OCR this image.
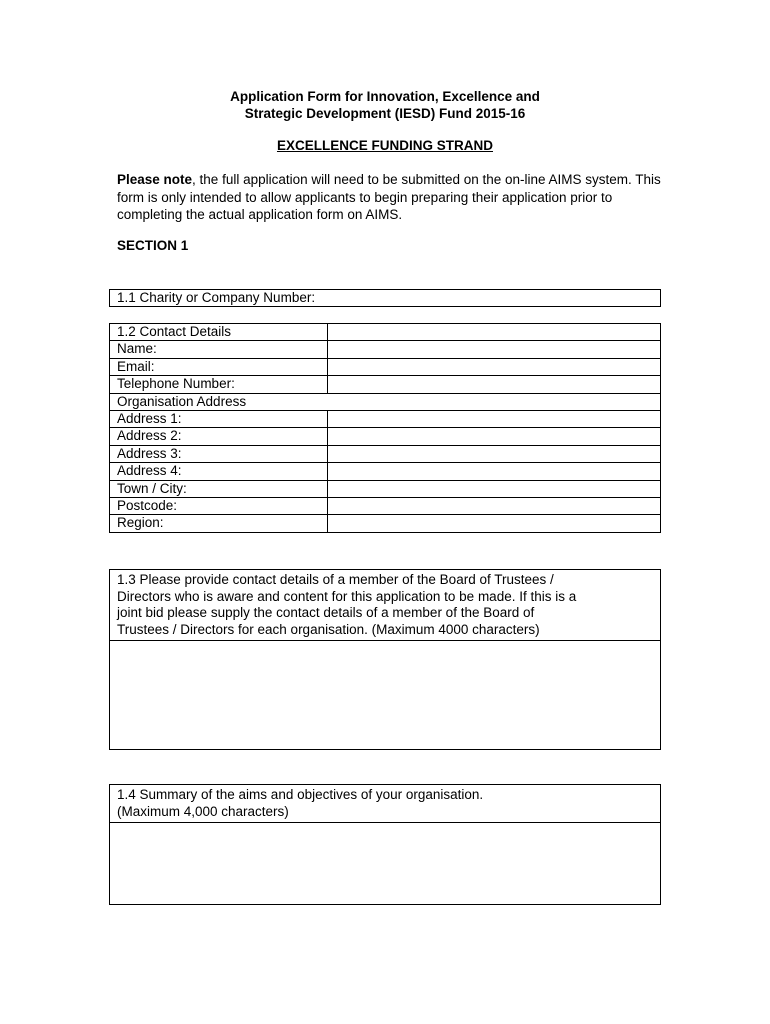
Application Form for Innovation, Excellence and
Strategic Development (IESD) Fund 2015-16
EXCELLENCE FUNDING STRAND
Please note, the full application will need to be submitted on the on-line AIMS system. This form is only intended to allow applicants to begin preparing their application prior to completing the actual application form on AIMS.
SECTION 1
1.1 Charity or Company Number:
1.2 Contact Details	
Name:	
Email:	
Telephone Number:	
Organisation Address	
Address 1:	
Address 2:	
Address 3:	
Address 4:	
Town / City:	
Postcode:	
Region:	
1.3 Please provide contact details of a member of the Board of Trustees /
Directors who is aware and content for this application to be made. If this is a
joint bid please supply the contact details of a member of the Board of
Trustees / Directors for each organisation. (Maximum 4000 characters)
1.4 Summary of the aims and objectives of your organisation.
(Maximum 4,000 characters)
